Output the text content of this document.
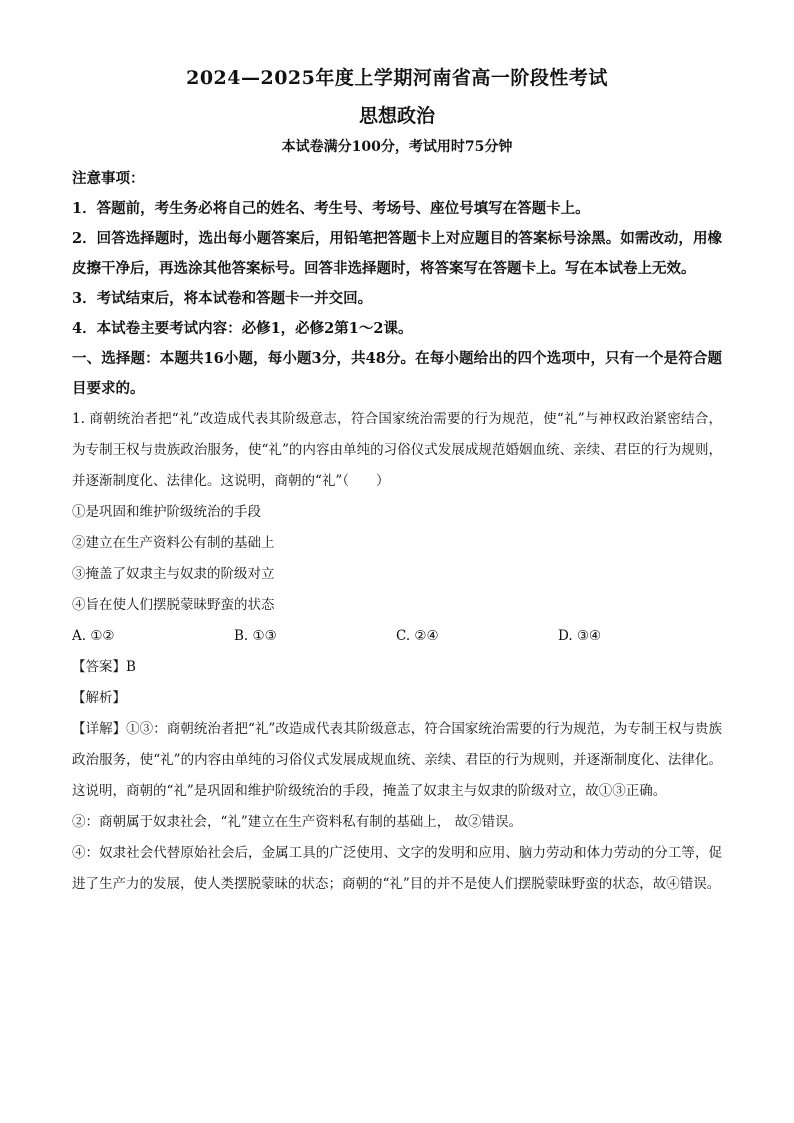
2024—2025年度上学期河南省高一阶段性考试
思想政治
本试卷满分100分，考试用时75分钟
注意事项：
1．答题前，考生务必将自己的姓名、考生号、考场号、座位号填写在答题卡上。
2．回答选择题时，选出每小题答案后，用铅笔把答题卡上对应题目的答案标号涂黑。如需改动，用橡皮擦干净后，再选涂其他答案标号。回答非选择题时，将答案写在答题卡上。写在本试卷上无效。
3．考试结束后，将本试卷和答题卡一并交回。
4．本试卷主要考试内容：必修1，必修2第1～2课。
一、选择题：本题共16小题，每小题3分，共48分。在每小题给出的四个选项中，只有一个是符合题目要求的。
1. 商朝统治者把“礼”改造成代表其阶级意志，符合国家统治需要的行为规范，使“礼”与神权政治紧密结合，为专制王权与贵族政治服务，使“礼”的内容由单纯的习俗仪式发展成规范婚姻血统、亲续、君臣的行为规则，并逐渐制度化、法律化。这说明，商朝的“礼”（　　）
①是巩固和维护阶级统治的手段
②建立在生产资料公有制的基础上
③掩盖了奴隶主与奴隶的阶级对立
④旨在使人们摆脱蒙昧野蛮的状态
A. ①②	B. ①③	C. ②④	D. ③④
【答案】B
【解析】
【详解】①③：商朝统治者把“礼”改造成代表其阶级意志，符合国家统治需要的行为规范，为专制王权与贵族政治服务，使“礼”的内容由单纯的习俗仪式发展成规血统、亲续、君臣的行为规则，并逐渐制度化、法律化。这说明，商朝的“礼”是巩固和维护阶级统治的手段，掩盖了奴隶主与奴隶的阶级对立，故①③正确。
②：商朝属于奴隶社会，“礼”建立在生产资料私有制的基础上， 故②错误。
④：奴隶社会代替原始社会后，金属工具的广泛使用、文字的发明和应用、脑力劳动和体力劳动的分工等，促进了生产力的发展，使人类摆脱蒙昧的状态；商朝的“礼”目的并不是使人们摆脱蒙昧野蛮的状态，故④错误。
